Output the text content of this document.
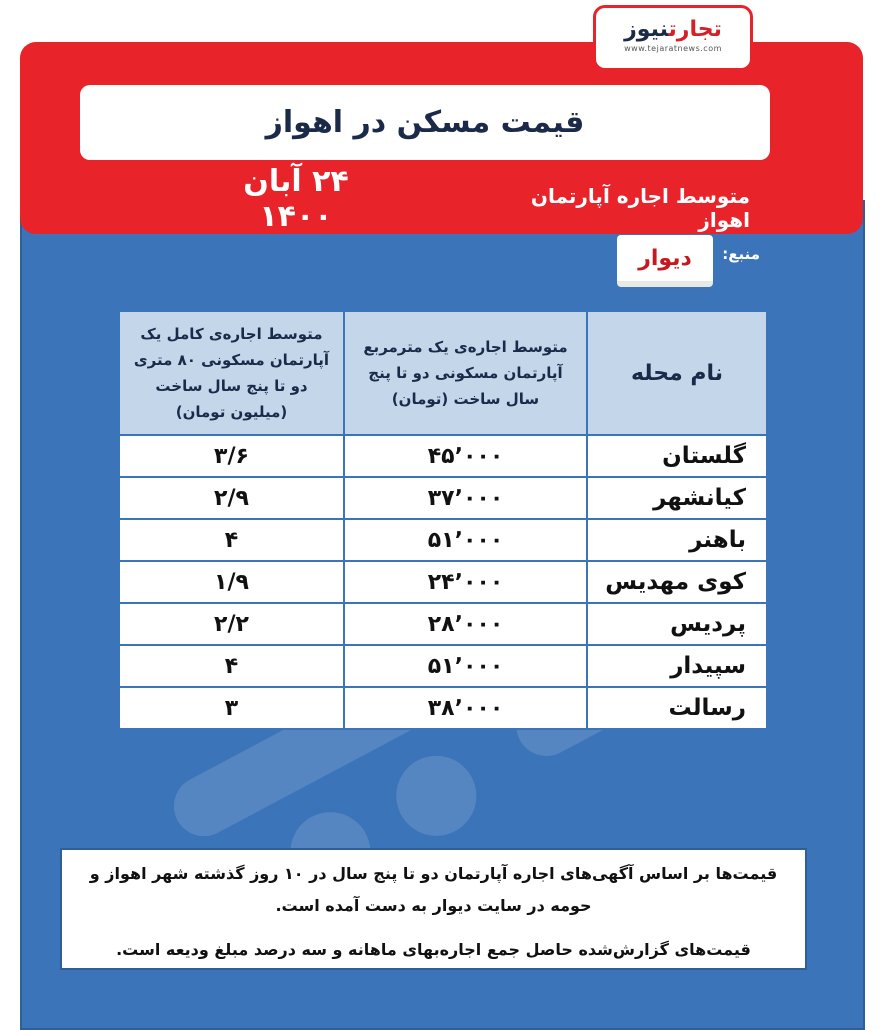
تجارتنیوز
www.tejaratnews.com
قیمت مسکن در اهواز
۲۴ آبان ۱۴۰۰
متوسط اجاره آپارتمان اهواز
منبع:
دیوار
نام محله	متوسط اجاره‌ی یک مترمربع آپارتمان مسکونی دو تا پنج سال ساخت (تومان)	متوسط اجاره‌ی کامل یک آپارتمان مسکونی ۸۰ متری دو تا پنج سال ساخت (میلیون تومان)
گلستان	۴۵٬۰۰۰	۳/۶
کیانشهر	۳۷٬۰۰۰	۲/۹
باهنر	۵۱٬۰۰۰	۴
کوی مهدیس	۲۴٬۰۰۰	۱/۹
پردیس	۲۸٬۰۰۰	۲/۲
سپیدار	۵۱٬۰۰۰	۴
رسالت	۳۸٬۰۰۰	۳

قیمت‌ها بر اساس آگهی‌های اجاره آپارتمان دو تا پنج سال در ۱۰ روز گذشته شهر اهواز و حومه در سایت دیوار به دست آمده است.

قیمت‌های گزارش‌شده حاصل جمع اجاره‌بهای ماهانه و سه درصد مبلغ ودیعه است.
